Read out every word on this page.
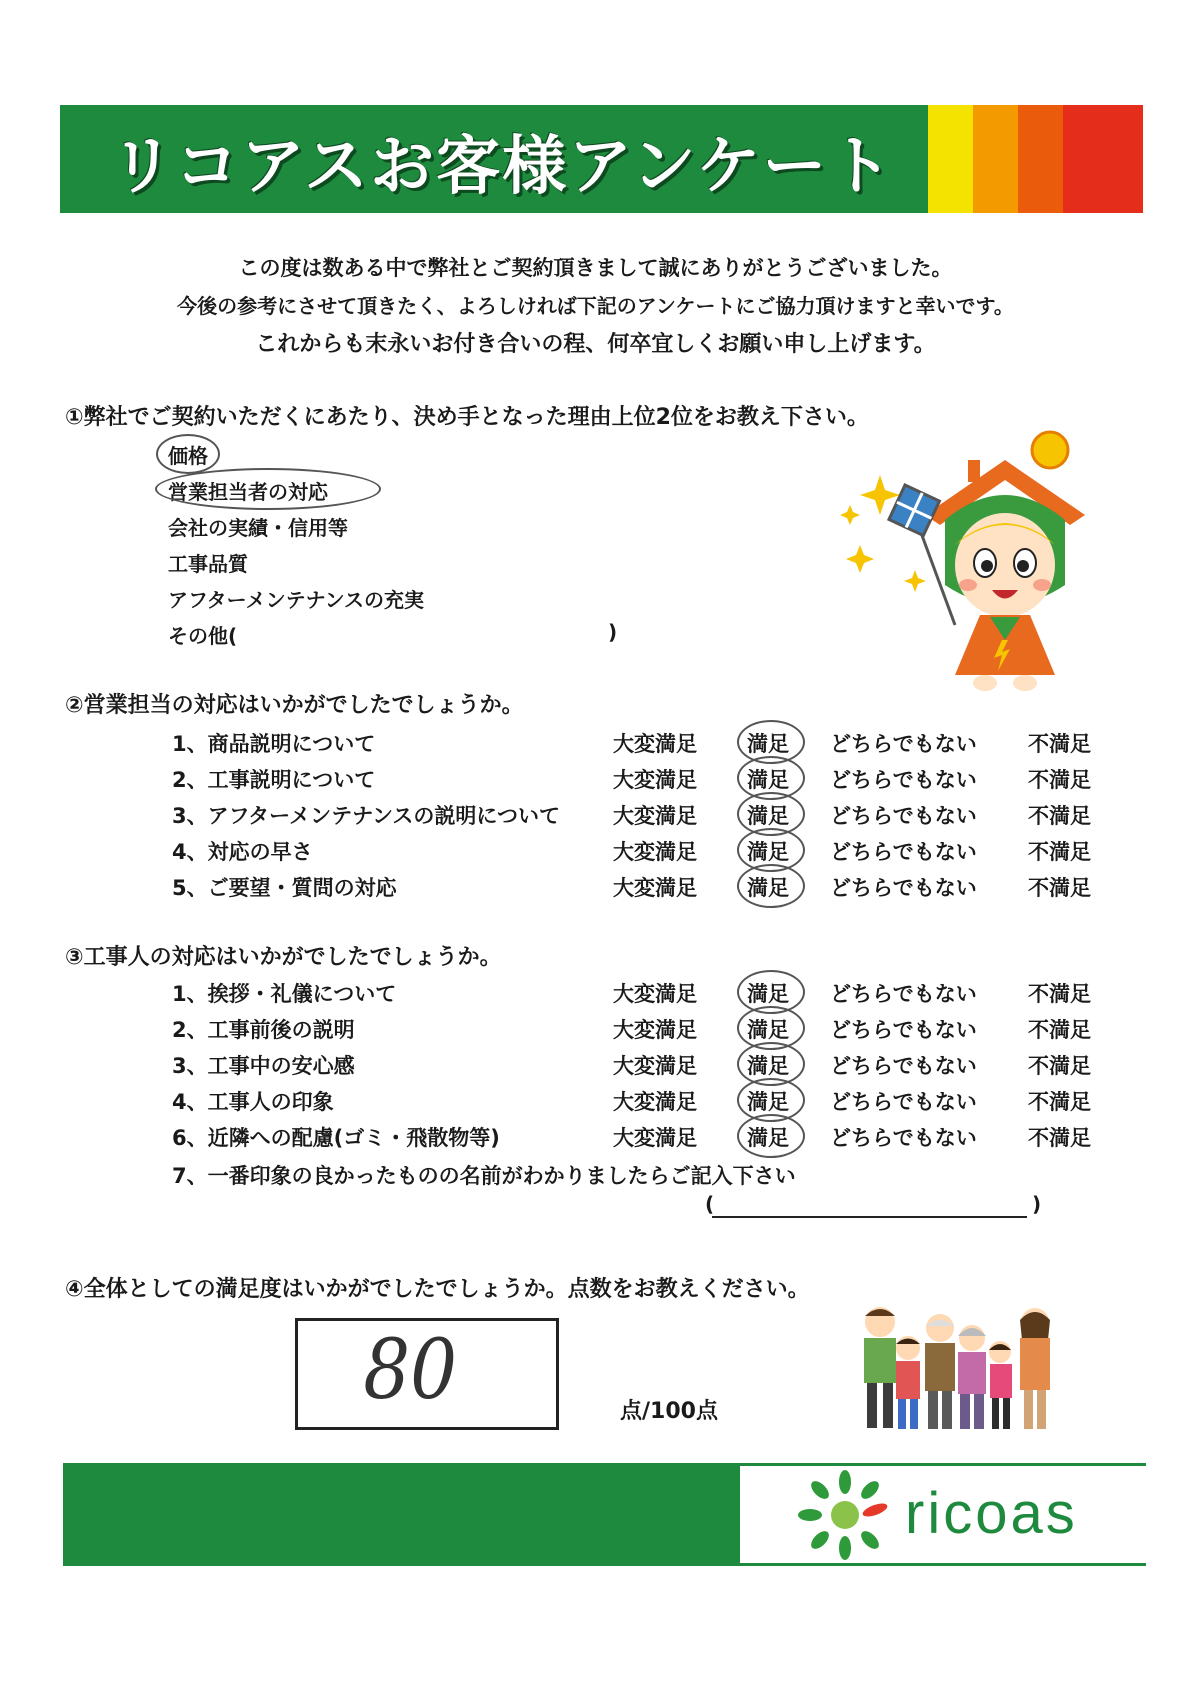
リコアスお客様アンケート
この度は数ある中で弊社とご契約頂きまして誠にありがとうございました。
今後の参考にさせて頂きたく、よろしければ下記のアンケートにご協力頂けますと幸いです。
これからも末永いお付き合いの程、何卒宜しくお願い申し上げます。
①弊社でご契約いただくにあたり、決め手となった理由上位2位をお教え下さい。
価格
営業担当者の対応
会社の実績・信用等
工事品質
アフターメンテナンスの充実
その他(	)
②営業担当の対応はいかがでしたでしょうか。
1、商品説明について	大変満足 満足 どちらでもない 不満足
2、工事説明について	大変満足 満足 どちらでもない 不満足
3、アフターメンテナンスの説明について	大変満足 満足 どちらでもない 不満足
4、対応の早さ	大変満足 満足 どちらでもない 不満足
5、ご要望・質問の対応	大変満足 満足 どちらでもない 不満足
③工事人の対応はいかがでしたでしょうか。
1、挨拶・礼儀について	大変満足 満足 どちらでもない 不満足
2、工事前後の説明	大変満足 満足 どちらでもない 不満足
3、工事中の安心感	大変満足 満足 どちらでもない 不満足
4、工事人の印象	大変満足 満足 どちらでもない 不満足
6、近隣への配慮(ゴミ・飛散物等)	大変満足 満足 どちらでもない 不満足
7、一番印象の良かったものの名前がわかりましたらご記入下さい
(	)
④全体としての満足度はいかがでしたでしょうか。点数をお教えください。
80	点/100点
ricoas
